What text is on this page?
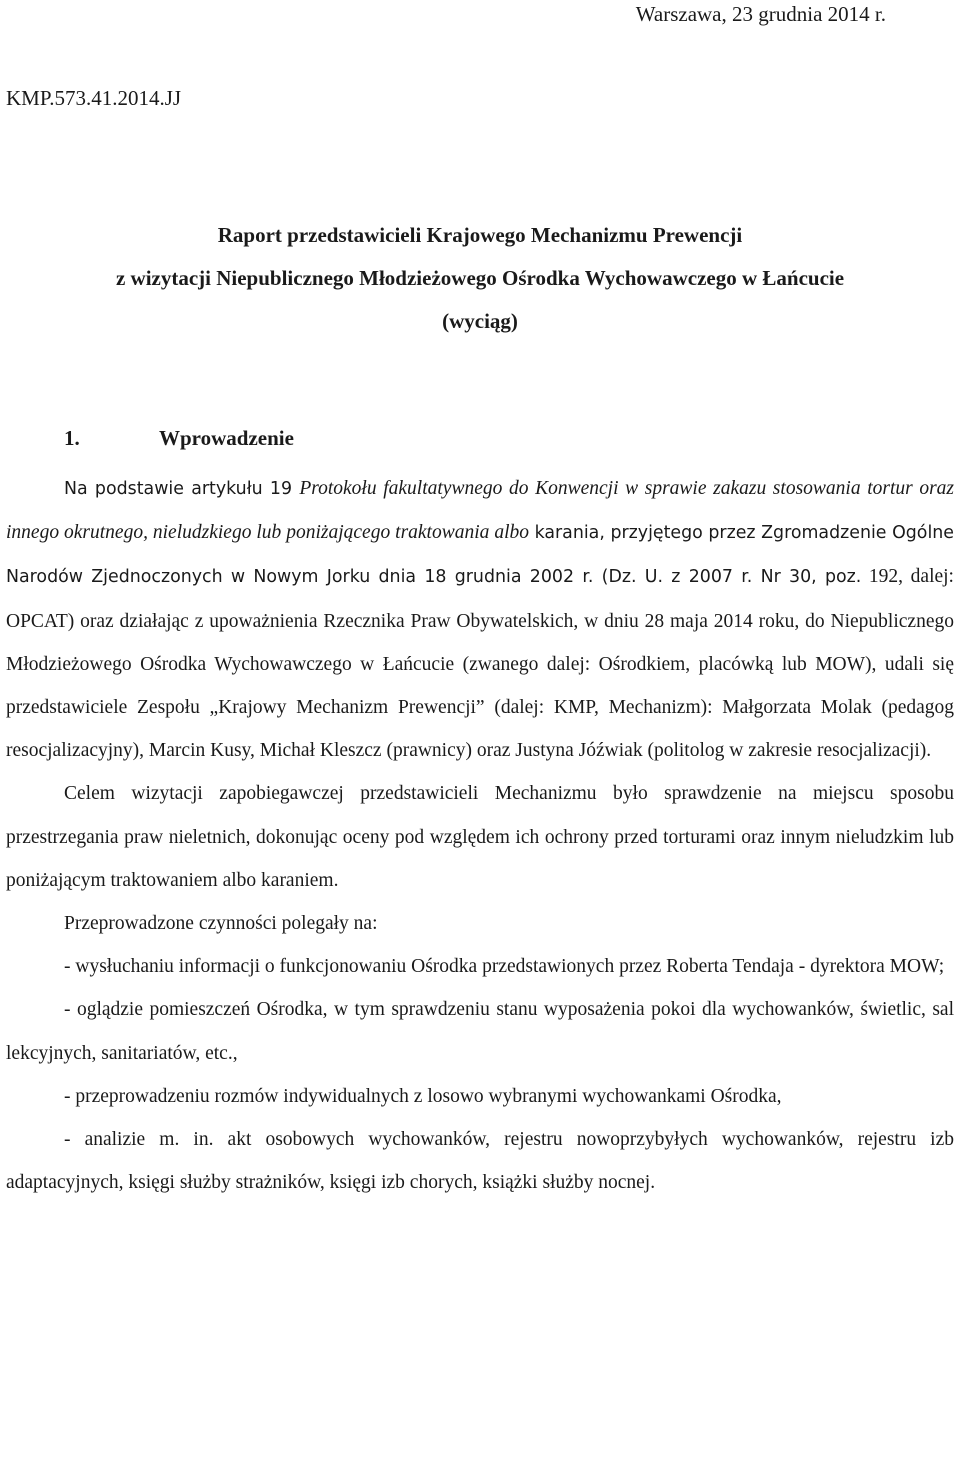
Warszawa, 23 grudnia 2014 r.
KMP.573.41.2014.JJ
Raport przedstawicieli Krajowego Mechanizmu Prewencji
z wizytacji Niepublicznego Młodzieżowego Ośrodka Wychowawczego w Łańcucie
(wyciąg)
1.	Wprowadzenie

Na podstawie artykułu 19 Protokołu fakultatywnego do Konwencji w sprawie zakazu stosowania tortur oraz innego okrutnego, nieludzkiego lub poniżającego traktowania albo karania, przyjętego przez Zgromadzenie Ogólne Narodów Zjednoczonych w Nowym Jorku dnia 18 grudnia 2002 r. (Dz. U. z 2007 r. Nr 30, poz. 192, dalej: OPCAT) oraz działając z upoważnienia Rzecznika Praw Obywatelskich, w dniu 28 maja 2014 roku, do Niepublicznego Młodzieżowego Ośrodka Wychowawczego w Łańcucie (zwanego dalej: Ośrodkiem, placówką lub MOW), udali się przedstawiciele Zespołu „Krajowy Mechanizm Prewencji” (dalej: KMP, Mechanizm): Małgorzata Molak (pedagog resocjalizacyjny), Marcin Kusy, Michał Kleszcz (prawnicy) oraz Justyna Jóźwiak (politolog w zakresie resocjalizacji).

Celem wizytacji zapobiegawczej przedstawicieli Mechanizmu było sprawdzenie na miejscu sposobu przestrzegania praw nieletnich, dokonując oceny pod względem ich ochrony przed torturami oraz innym nieludzkim lub poniżającym traktowaniem albo karaniem.

Przeprowadzone czynności polegały na:

- wysłuchaniu informacji o funkcjonowaniu Ośrodka przedstawionych przez Roberta Tendaja - dyrektora MOW;

- oglądzie pomieszczeń Ośrodka, w tym sprawdzeniu stanu wyposażenia pokoi dla wychowanków, świetlic, sal lekcyjnych, sanitariatów, etc.,

- przeprowadzeniu rozmów indywidualnych z losowo wybranymi wychowankami Ośrodka,

- analizie m. in. akt osobowych wychowanków, rejestru nowoprzybyłych wychowanków, rejestru izb adaptacyjnych, księgi służby strażników, księgi izb chorych, książki służby nocnej.
